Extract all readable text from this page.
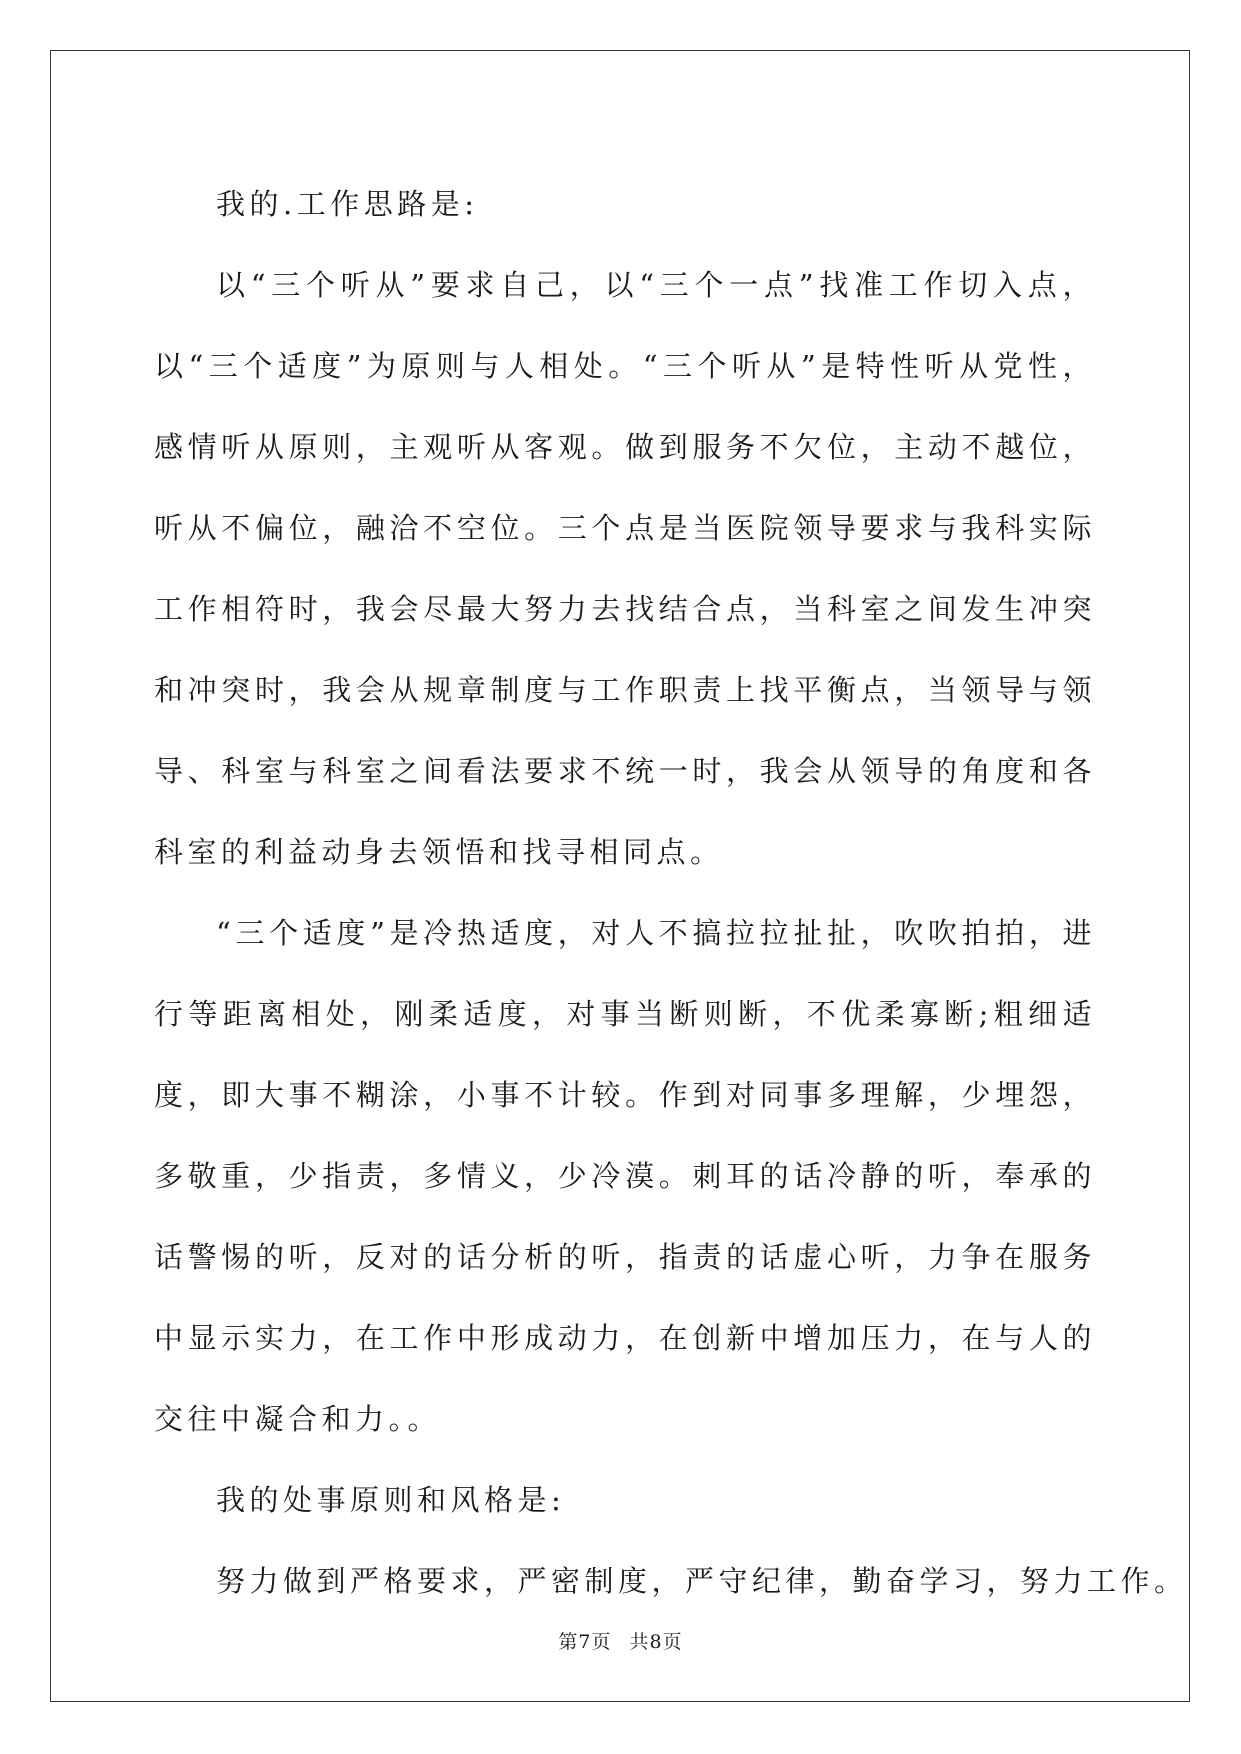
我的.工作思路是:

以“三个听从”要求自己，以“三个一点”找准工作切入点，以“三个适度”为原则与人相处。“三个听从”是特性听从党性，感情听从原则，主观听从客观。做到服务不欠位，主动不越位，听从不偏位，融洽不空位。三个点是当医院领导要求与我科实际工作相符时，我会尽最大努力去找结合点，当科室之间发生冲突和冲突时，我会从规章制度与工作职责上找平衡点，当领导与领导、科室与科室之间看法要求不统一时，我会从领导的角度和各科室的利益动身去领悟和找寻相同点。

“三个适度”是冷热适度，对人不搞拉拉扯扯，吹吹拍拍，进行等距离相处，刚柔适度，对事当断则断，不优柔寡断;粗细适度，即大事不糊涂，小事不计较。作到对同事多理解，少埋怨，多敬重，少指责，多情义，少冷漠。刺耳的话冷静的听，奉承的话警惕的听，反对的话分析的听，指责的话虚心听，力争在服务中显示实力，在工作中形成动力，在创新中增加压力，在与人的交往中凝合和力。。

我的处事原则和风格是:

努力做到严格要求，严密制度，严守纪律，勤奋学习，努力工作。

第7页 共8页
